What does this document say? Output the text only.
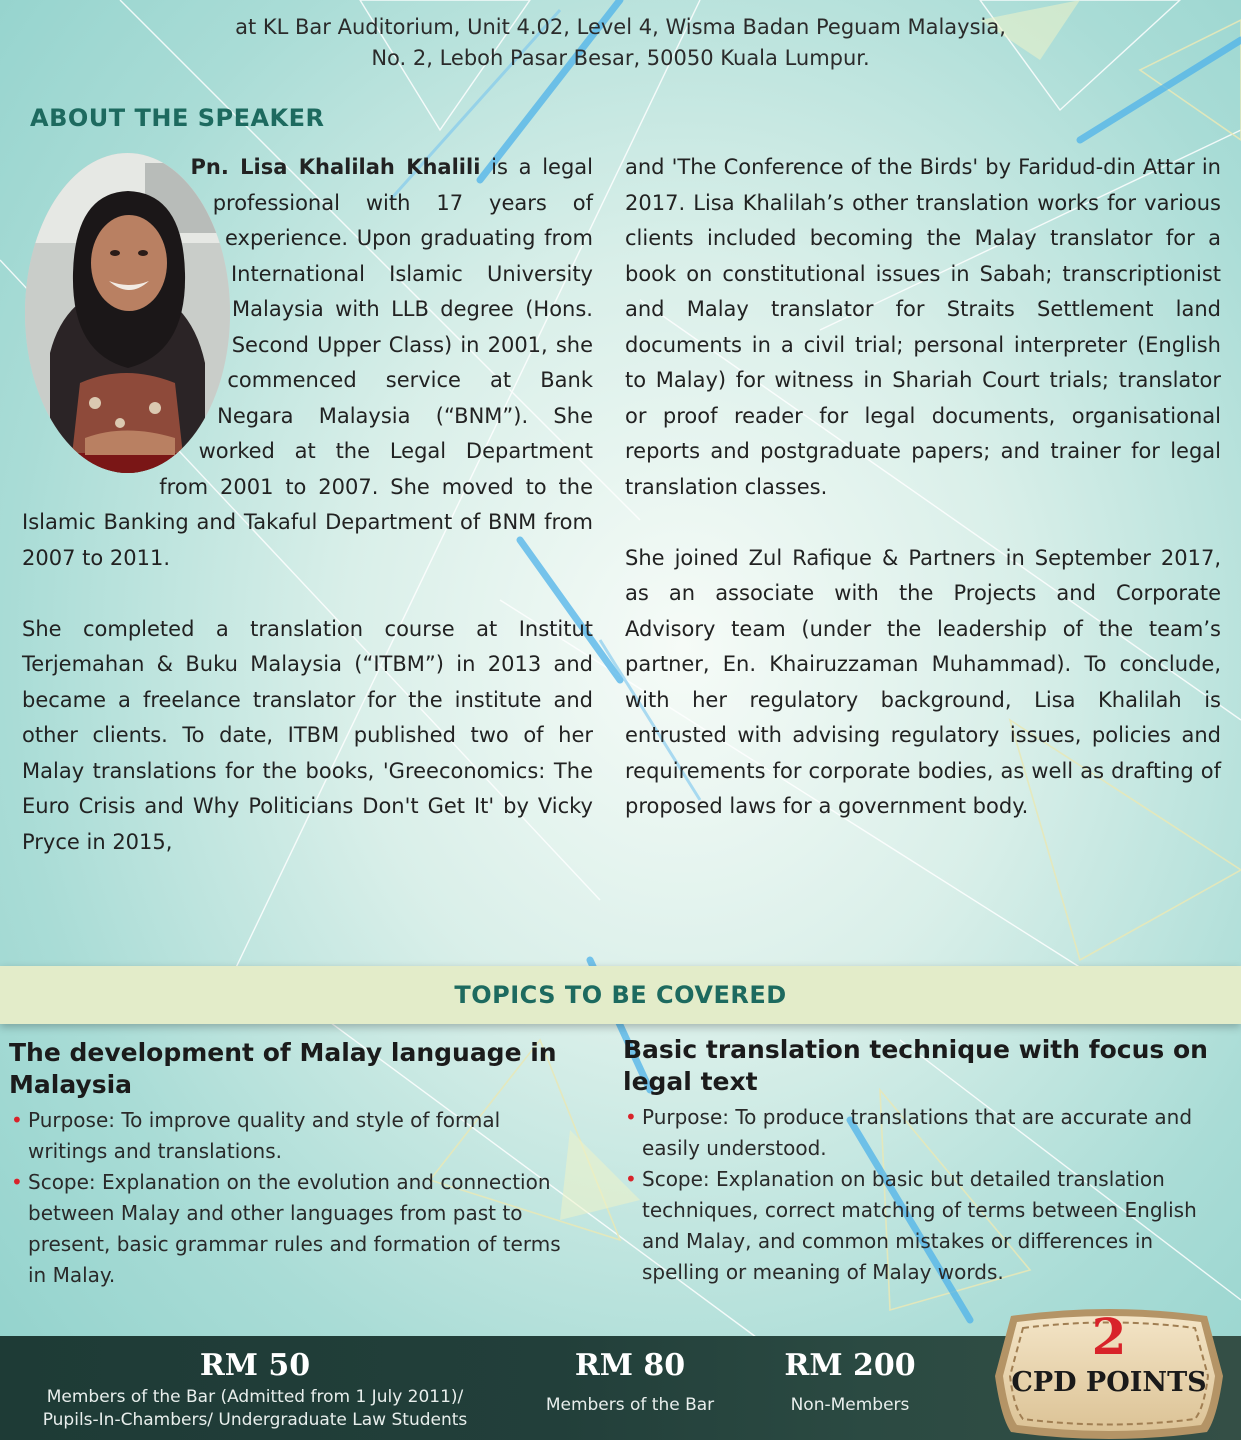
at KL Bar Auditorium, Unit 4.02, Level 4, Wisma Badan Peguam Malaysia,
No. 2, Leboh Pasar Besar, 50050 Kuala Lumpur.
ABOUT THE SPEAKER

Pn. Lisa Khalilah Khalili is a legal professional with 17 years of experience. Upon graduating from International Islamic University Malaysia with LLB degree (Hons. Second Upper Class) in 2001, she commenced service at Bank Negara Malaysia (“BNM”). She worked at the Legal Department from 2001 to 2007. She moved to the Islamic Banking and Takaful Department of BNM from 2007 to 2011.

She completed a translation course at Institut Terjemahan & Buku Malaysia (“ITBM”) in 2013 and became a freelance translator for the institute and other clients. To date, ITBM published two of her Malay translations for the books, 'Greeconomics: The Euro Crisis and Why Politicians Don't Get It' by Vicky Pryce in 2015,

and 'The Conference of the Birds' by Faridud-din Attar in 2017. Lisa Khalilah’s other translation works for various clients included becoming the Malay translator for a book on constitutional issues in Sabah; transcriptionist and Malay translator for Straits Settlement land documents in a civil trial; personal interpreter (English to Malay) for witness in Shariah Court trials; translator or proof reader for legal documents, organisational reports and postgraduate papers; and trainer for legal translation classes.

She joined Zul Rafique & Partners in September 2017, as an associate with the Projects and Corporate Advisory team (under the leadership of the team’s partner, En. Khairuzzaman Muhammad). To conclude, with her regulatory background, Lisa Khalilah is entrusted with advising regulatory issues, policies and requirements for corporate bodies, as well as drafting of proposed laws for a government body.

TOPICS TO BE COVERED
The development of Malay language in Malaysia
• Purpose: To improve quality and style of formal writings and translations.
• Scope: Explanation on the evolution and connection between Malay and other languages from past to present, basic grammar rules and formation of terms in Malay.
Basic translation technique with focus on legal text
• Purpose: To produce translations that are accurate and easily understood.
• Scope: Explanation on basic but detailed translation techniques, correct matching of terms between English and Malay, and common mistakes or differences in spelling or meaning of Malay words.
RM 50
Members of the Bar (Admitted from 1 July 2011)/
Pupils-In-Chambers/ Undergraduate Law Students
RM 80
Members of the Bar
RM 200
Non-Members
2
CPD POINTS
